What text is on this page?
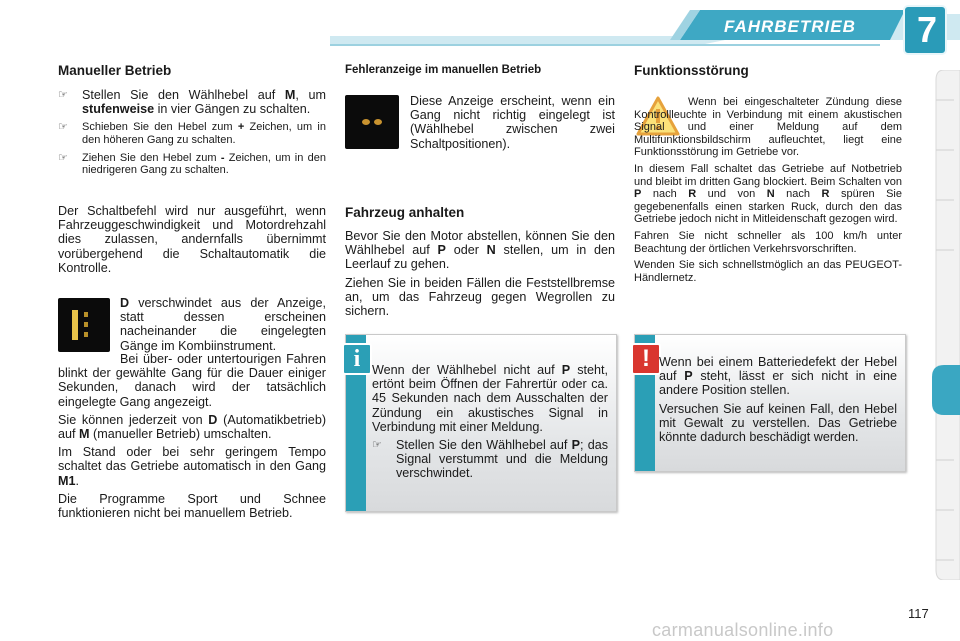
FAHRBETRIEB 7
Manueller Betrieb
☞ Stellen Sie den Wählhebel auf M, um stufenweise in vier Gängen zu schalten.
☞ Schieben Sie den Hebel zum + Zeichen, um in den höheren Gang zu schalten.
☞ Ziehen Sie den Hebel zum - Zeichen, um in den niedrigeren Gang zu schalten.
Der Schaltbefehl wird nur ausgeführt, wenn Fahrzeuggeschwindigkeit und Motordrehzahl dies zulassen, andernfalls übernimmt vorübergehend die Schaltautomatik die Kontrolle.
D verschwindet aus der Anzeige, statt dessen erscheinen nacheinander die eingelegten Gänge im Kombiinstrument.

Bei über- oder untertourigen Fahren blinkt der gewählte Gang für die Dauer einiger Sekunden, danach wird der tatsächlich eingelegte Gang angezeigt.

Sie können jederzeit von D (Automatikbetrieb) auf M (manueller Betrieb) umschalten.

Im Stand oder bei sehr geringem Tempo schaltet das Getriebe automatisch in den Gang M1.

Die Programme Sport und Schnee funktionieren nicht bei manuellem Betrieb.

Fehleranzeige im manuellen Betrieb
Diese Anzeige erscheint, wenn ein Gang nicht richtig eingelegt ist (Wählhebel zwischen zwei Schaltpositionen).
Fahrzeug anhalten

Bevor Sie den Motor abstellen, können Sie den Wählhebel auf P oder N stellen, um in den Leerlauf zu gehen.

Ziehen Sie in beiden Fällen die Feststellbremse an, um das Fahrzeug gegen Wegrollen zu sichern.

i Wenn der Wählhebel nicht auf P steht, ertönt beim Öffnen der Fahrertür oder ca. 45 Sekunden nach dem Ausschalten der Zündung ein akustisches Signal in Verbindung mit einer Meldung.

☞ Stellen Sie den Wählhebel auf P; das Signal verstummt und die Meldung verschwindet.
Funktionsstörung

Wenn bei eingeschalteter Zündung diese Kontrollleuchte in Verbindung mit einem akustischen Signal und einer Meldung auf dem Multifunktionsbildschirm aufleuchtet, liegt eine Funktionsstörung im Getriebe vor.

In diesem Fall schaltet das Getriebe auf Notbetrieb und bleibt im dritten Gang blockiert. Beim Schalten von P nach R und von N nach R spüren Sie gegebenenfalls einen starken Ruck, durch den das Getriebe jedoch nicht in Mitleidenschaft gezogen wird.

Fahren Sie nicht schneller als 100 km/h unter Beachtung der örtlichen Verkehrsvorschriften.

Wenden Sie sich schnellstmöglich an das PEUGEOT-Händlernetz.

! Wenn bei einem Batteriedefekt der Hebel auf P steht, lässt er sich nicht in eine andere Position stellen.

Versuchen Sie auf keinen Fall, den Hebel mit Gewalt zu verstellen. Das Getriebe könnte dadurch beschädigt werden.

117
carmanualsonline.info
